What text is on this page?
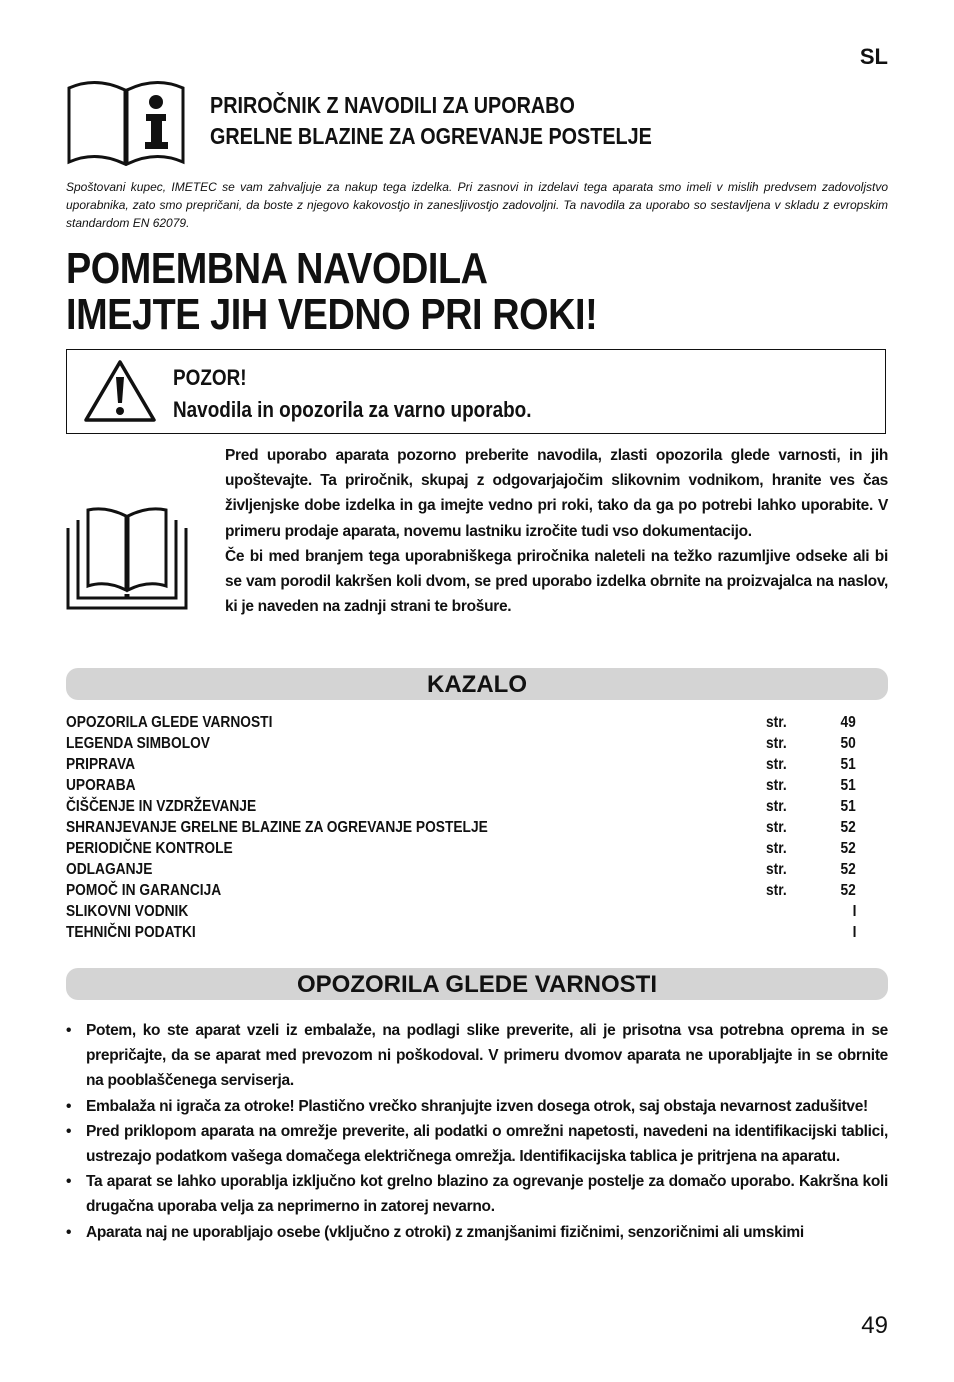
SL
PRIROČNIK Z NAVODILI ZA UPORABO
GRELNE BLAZINE ZA OGREVANJE POSTELJE
Spoštovani kupec, IMETEC se vam zahvaljuje za nakup tega izdelka. Pri zasnovi in izdelavi tega aparata smo imeli v mislih predvsem zadovoljstvo uporabnika, zato smo prepričani, da boste z njegovo kakovostjo in zanesljivostjo zadovoljni. Ta navodila za uporabo so sestavljena v skladu z evropskim standardom EN 62079.
POMEMBNA NAVODILA
IMEJTE JIH VEDNO PRI ROKI!
POZOR!
Navodila in opozorila za varno uporabo.

Pred uporabo aparata pozorno preberite navodila, zlasti opozorila glede varnosti, in jih upoštevajte. Ta priročnik, skupaj z odgovarjajočim slikovnim vodnikom, hranite ves čas življenjske dobe izdelka in ga imejte vedno pri roki, tako da ga po potrebi lahko uporabite. V primeru prodaje aparata, novemu lastniku izročite tudi vso dokumentacijo.

Če bi med branjem tega uporabniškega priročnika naleteli na težko razumljive odseke ali bi se vam porodil kakršen koli dvom, se pred uporabo izdelka obrnite na proizvajalca na naslov, ki je naveden na zadnji strani te brošure.

KAZALO
OPOZORILA GLEDE VARNOSTI	str.	49
LEGENDA SIMBOLOV	str.	50
PRIPRAVA	str.	51
UPORABA	str.	51
ČIŠČENJE IN VZDRŽEVANJE	str.	51
SHRANJEVANJE GRELNE BLAZINE ZA OGREVANJE POSTELJE	str.	52
PERIODIČNE KONTROLE	str.	52
ODLAGANJE	str.	52
POMOČ IN GARANCIJA	str.	52
SLIKOVNI VODNIK	I
TEHNIČNI PODATKI	I
OPOZORILA GLEDE VARNOSTI
• Potem, ko ste aparat vzeli iz embalaže, na podlagi slike preverite, ali je prisotna vsa potrebna oprema in se prepričajte, da se aparat med prevozom ni poškodoval. V primeru dvomov aparata ne uporabljajte in se obrnite na pooblaščenega serviserja.
• Embalaža ni igrača za otroke! Plastično vrečko shranjujte izven dosega otrok, saj obstaja nevarnost zadušitve!
• Pred priklopom aparata na omrežje preverite, ali podatki o omrežni napetosti, navedeni na identifikacijski tablici, ustrezajo podatkom vašega domačega električnega omrežja. Identifikacijska tablica je pritrjena na aparatu.
• Ta aparat se lahko uporablja izključno kot grelno blazino za ogrevanje postelje za domačo uporabo. Kakršna koli drugačna uporaba velja za neprimerno in zatorej nevarno.
• Aparata naj ne uporabljajo osebe (vključno z otroki) z zmanjšanimi fizičnimi, senzoričnimi ali umskimi
49
